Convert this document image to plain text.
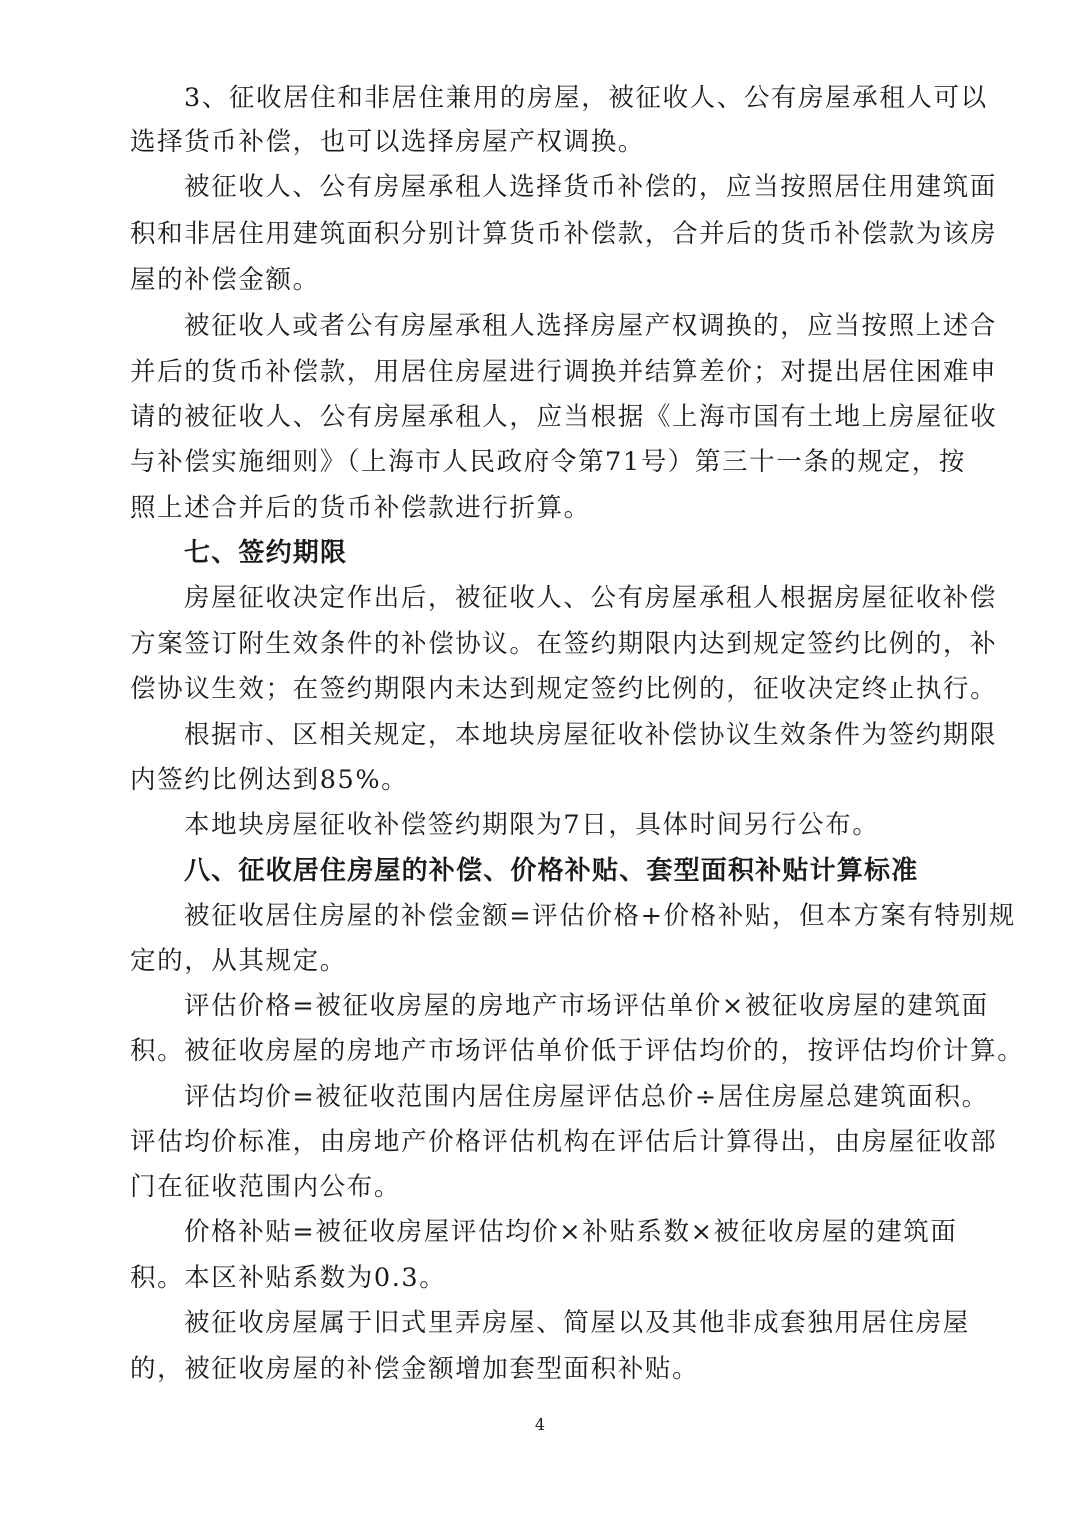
3、征收居住和非居住兼用的房屋，被征收人、公有房屋承租人可以

选择货币补偿，也可以选择房屋产权调换。

被征收人、公有房屋承租人选择货币补偿的，应当按照居住用建筑面

积和非居住用建筑面积分别计算货币补偿款，合并后的货币补偿款为该房

屋的补偿金额。

被征收人或者公有房屋承租人选择房屋产权调换的，应当按照上述合

并后的货币补偿款，用居住房屋进行调换并结算差价；对提出居住困难申

请的被征收人、公有房屋承租人，应当根据《上海市国有土地上房屋征收

与补偿实施细则》（上海市人民政府令第71号）第三十一条的规定，按

照上述合并后的货币补偿款进行折算。

七、签约期限

房屋征收决定作出后，被征收人、公有房屋承租人根据房屋征收补偿

方案签订附生效条件的补偿协议。在签约期限内达到规定签约比例的，补

偿协议生效；在签约期限内未达到规定签约比例的，征收决定终止执行。

根据市、区相关规定，本地块房屋征收补偿协议生效条件为签约期限

内签约比例达到85%。

本地块房屋征收补偿签约期限为7日，具体时间另行公布。

八、征收居住房屋的补偿、价格补贴、套型面积补贴计算标准

被征收居住房屋的补偿金额=评估价格+价格补贴，但本方案有特别规

定的，从其规定。

评估价格=被征收房屋的房地产市场评估单价×被征收房屋的建筑面

积。被征收房屋的房地产市场评估单价低于评估均价的，按评估均价计算。

评估均价=被征收范围内居住房屋评估总价÷居住房屋总建筑面积。

评估均价标准，由房地产价格评估机构在评估后计算得出，由房屋征收部

门在征收范围内公布。

价格补贴=被征收房屋评估均价×补贴系数×被征收房屋的建筑面

积。本区补贴系数为0.3。

被征收房屋属于旧式里弄房屋、简屋以及其他非成套独用居住房屋

的，被征收房屋的补偿金额增加套型面积补贴。

4
